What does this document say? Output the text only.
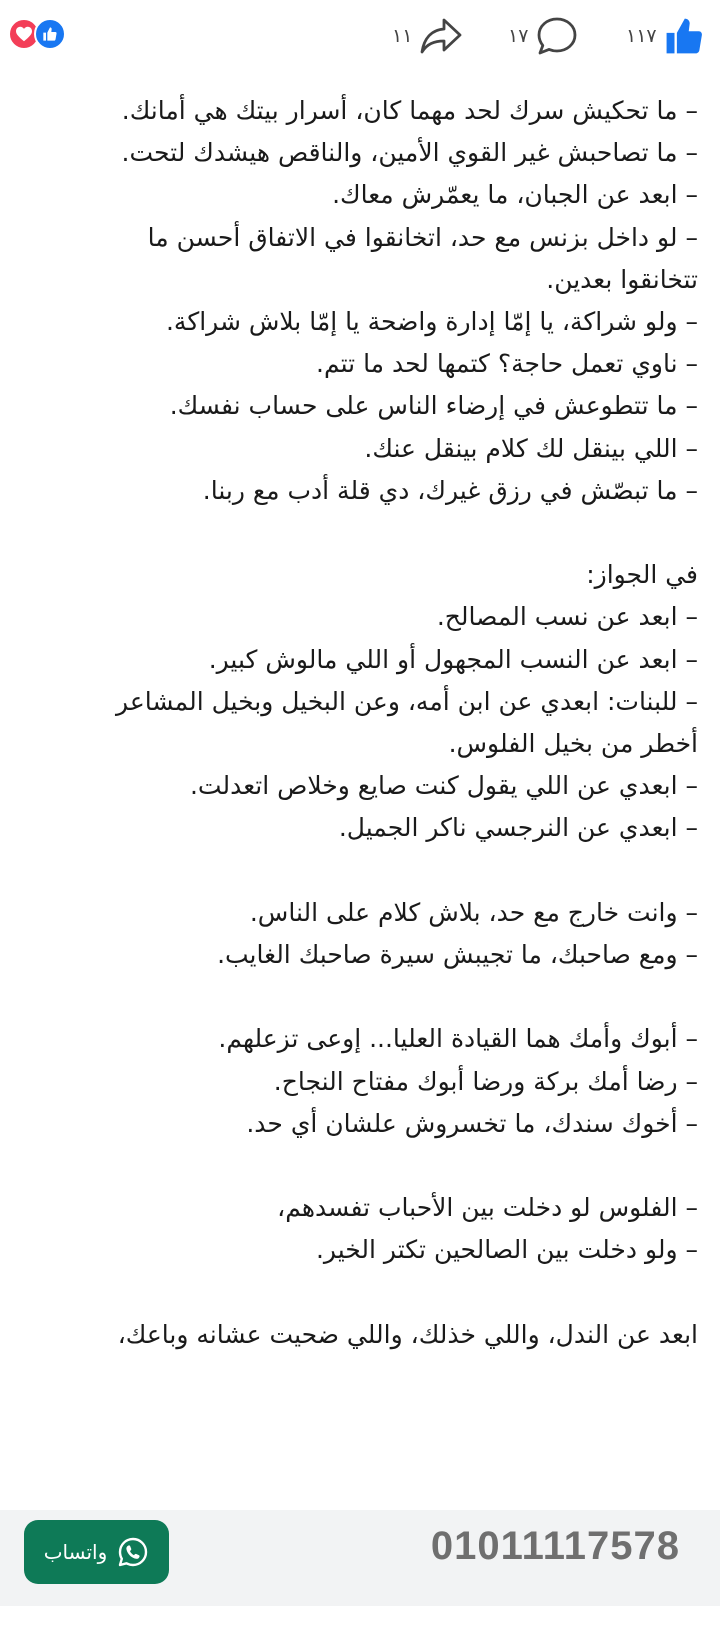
١١	١٧	١١٧
– ما تحكيش سرك لحد مهما كان، أسرار بيتك هي أمانك.
– ما تصاحبش غير القوي الأمين، والناقص هيشدك لتحت.
– ابعد عن الجبان، ما يعمّرش معاك.
– لو داخل بزنس مع حد، اتخانقوا في الاتفاق أحسن ما
تتخانقوا بعدين.
– ولو شراكة، يا إمّا إدارة واضحة يا إمّا بلاش شراكة.
– ناوي تعمل حاجة؟ كتمها لحد ما تتم.
– ما تتطوعش في إرضاء الناس على حساب نفسك.
– اللي بينقل لك كلام بينقل عنك.
– ما تبصّش في رزق غيرك، دي قلة أدب مع ربنا.
في الجواز:
– ابعد عن نسب المصالح.
– ابعد عن النسب المجهول أو اللي مالوش كبير.
– للبنات: ابعدي عن ابن أمه، وعن البخيل وبخيل المشاعر
أخطر من بخيل الفلوس.
– ابعدي عن اللي يقول كنت صايع وخلاص اتعدلت.
– ابعدي عن النرجسي ناكر الجميل.
– وانت خارج مع حد، بلاش كلام على الناس.
– ومع صاحبك، ما تجيبش سيرة صاحبك الغايب.
– أبوك وأمك هما القيادة العليا... إوعى تزعلهم.
– رضا أمك بركة ورضا أبوك مفتاح النجاح.
– أخوك سندك، ما تخسروش علشان أي حد.
– الفلوس لو دخلت بين الأحباب تفسدهم،
– ولو دخلت بين الصالحين تكتر الخير.
ابعد عن الندل، واللي خذلك، واللي ضحيت عشانه وباعك،
واتساب	01011117578
